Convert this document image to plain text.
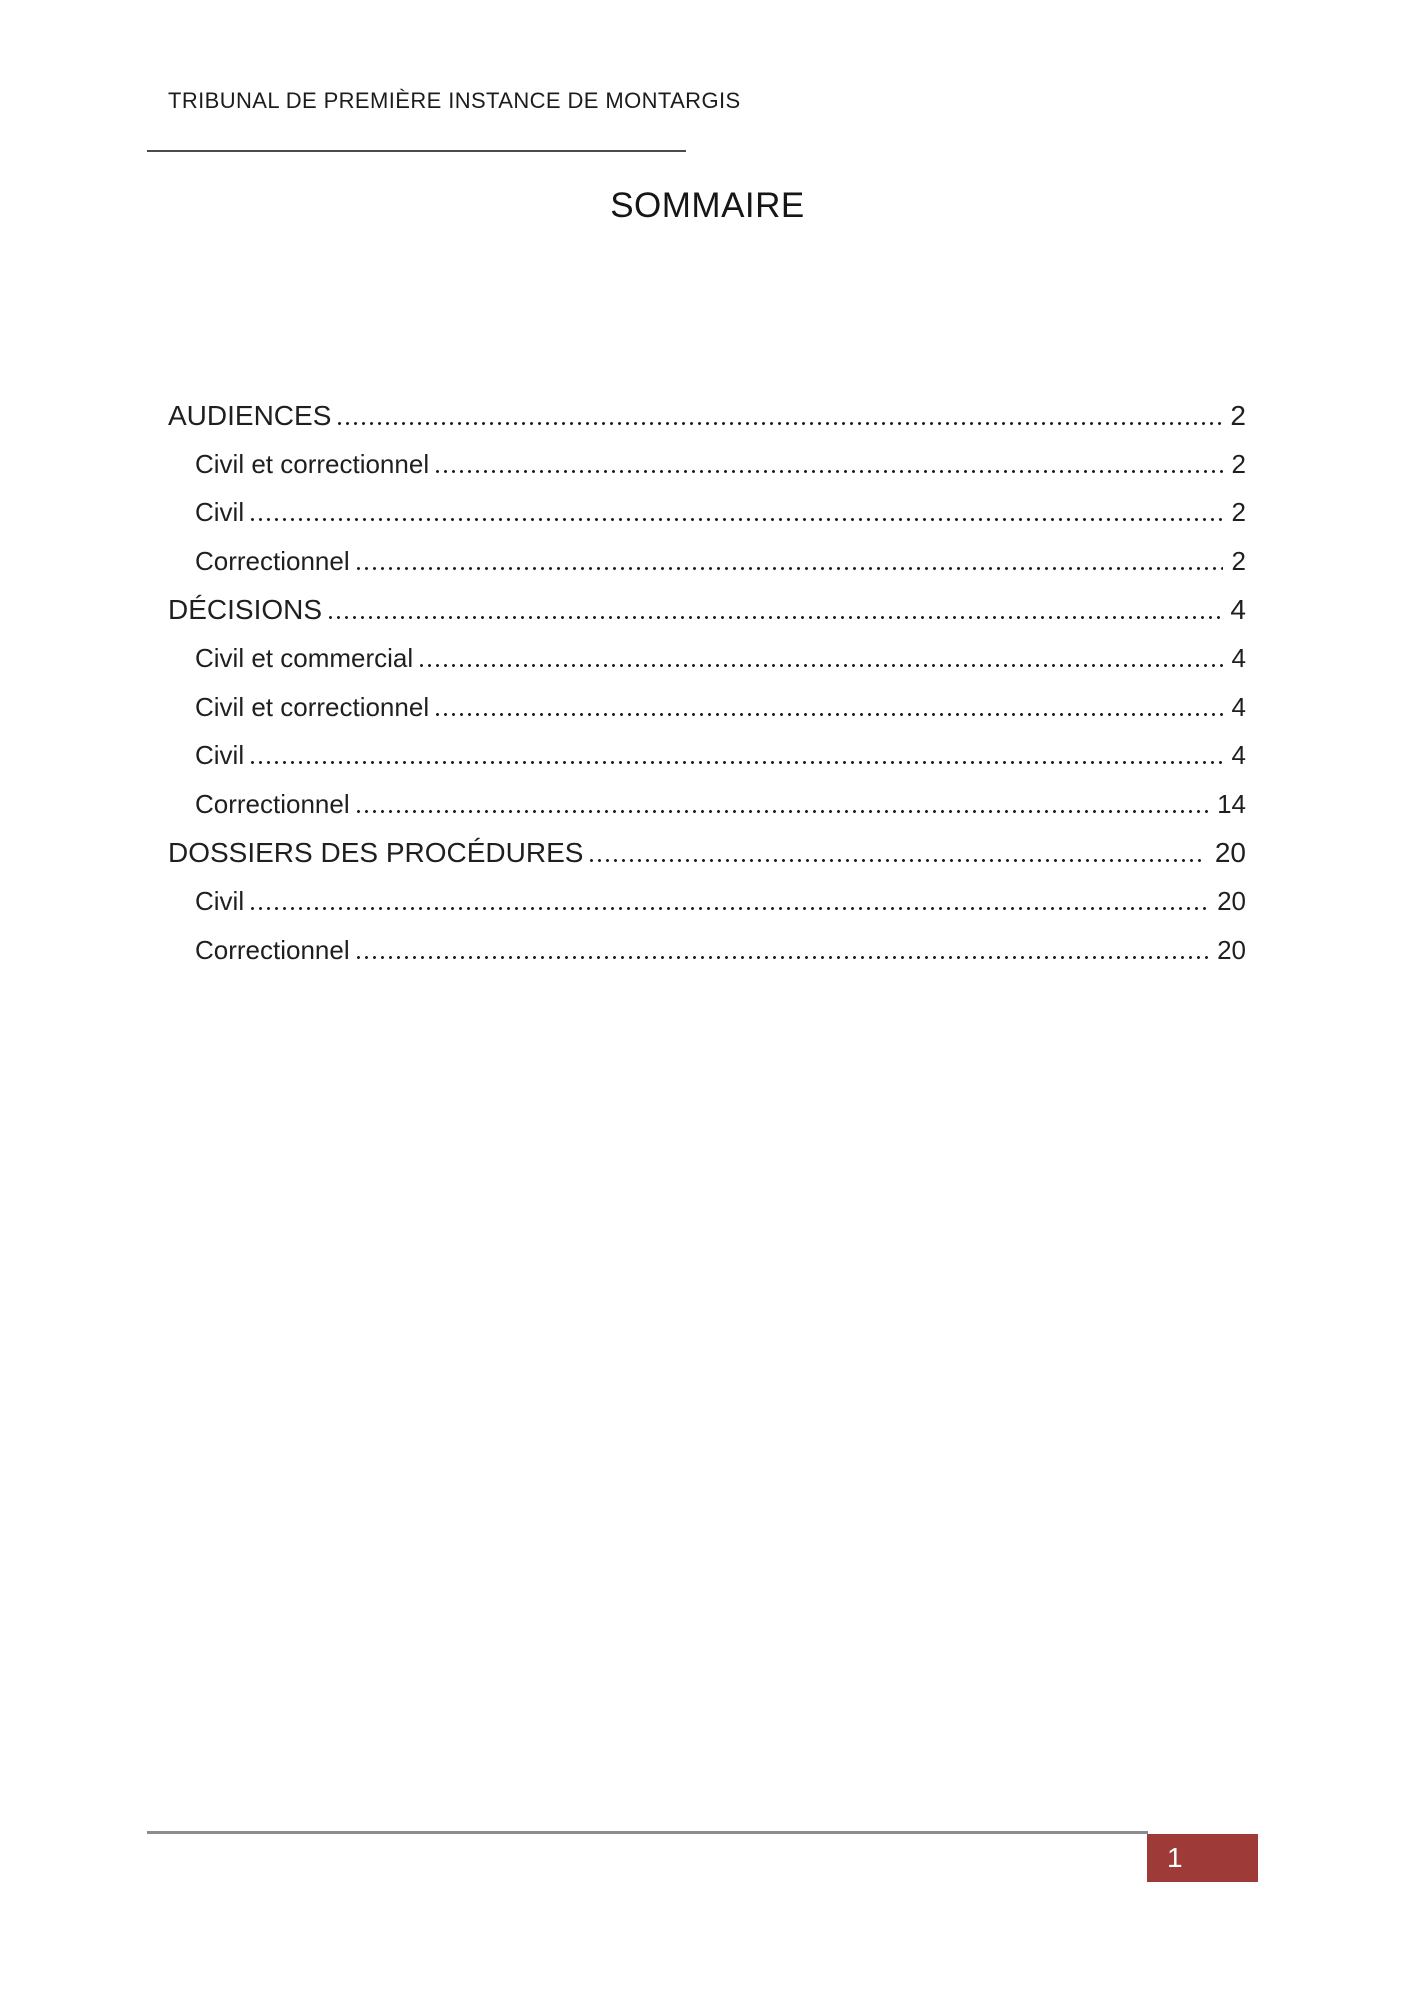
TRIBUNAL DE PREMIÈRE INSTANCE DE MONTARGIS
SOMMAIRE
AUDIENCES	2
Civil et correctionnel	2
Civil	2
Correctionnel	2
DÉCISIONS	4
Civil et commercial	4
Civil et correctionnel	4
Civil	4
Correctionnel	14
DOSSIERS DES PROCÉDURES	20
Civil	20
Correctionnel	20
1
